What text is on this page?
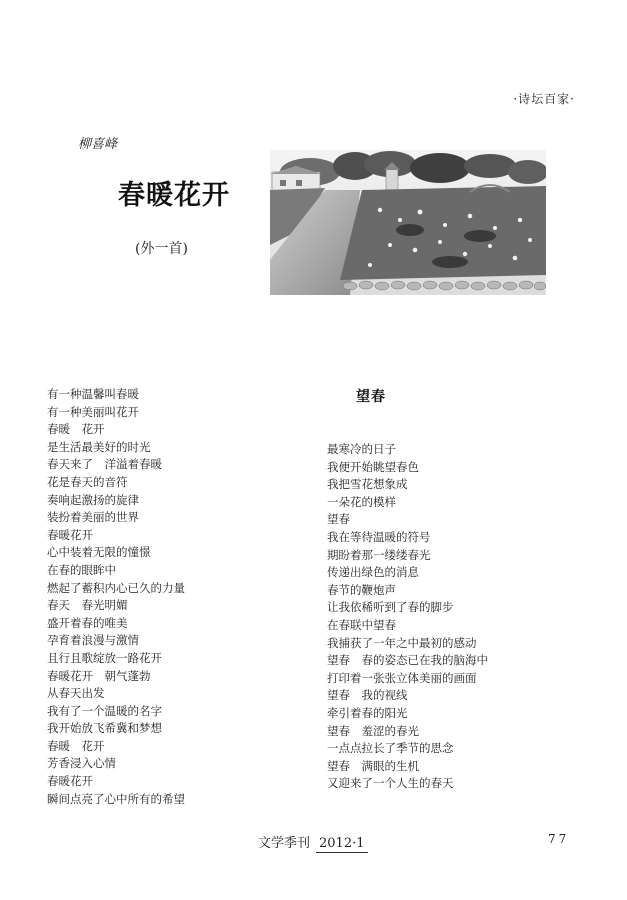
·诗坛百家·
柳喜峰
春暖花开
(外一首)
有一种温馨叫春暖
有一种美丽叫花开
春暖　花开
是生活最美好的时光
春天来了　洋溢着春暖
花是春天的音符
奏响起激扬的旋律
装扮着美丽的世界
春暖花开
心中装着无限的憧憬
在春的眼眸中
燃起了蓄积内心已久的力量
春天　春光明媚
盛开着春的唯美
孕育着浪漫与激情
且行且歌绽放一路花开
春暖花开　朝气蓬勃
从春天出发
我有了一个温暖的名字
我开始放飞希冀和梦想
春暖　花开
芳香浸入心情
春暖花开
瞬间点亮了心中所有的希望
望春
最寒冷的日子
我便开始眺望春色
我把雪花想象成
一朵花的模样
望春
我在等待温暖的符号
期盼着那一缕缕春光
传递出绿色的消息
春节的鞭炮声
让我依稀听到了春的脚步
在春联中望春
我捕获了一年之中最初的感动
望春　春的姿态已在我的脑海中
打印着一张张立体美丽的画面
望春　我的视线
牵引着春的阳光
望春　羞涩的春光
一点点拉长了季节的思念
望春　满眼的生机
又迎来了一个人生的春天
文学季刊 2012·1	77
